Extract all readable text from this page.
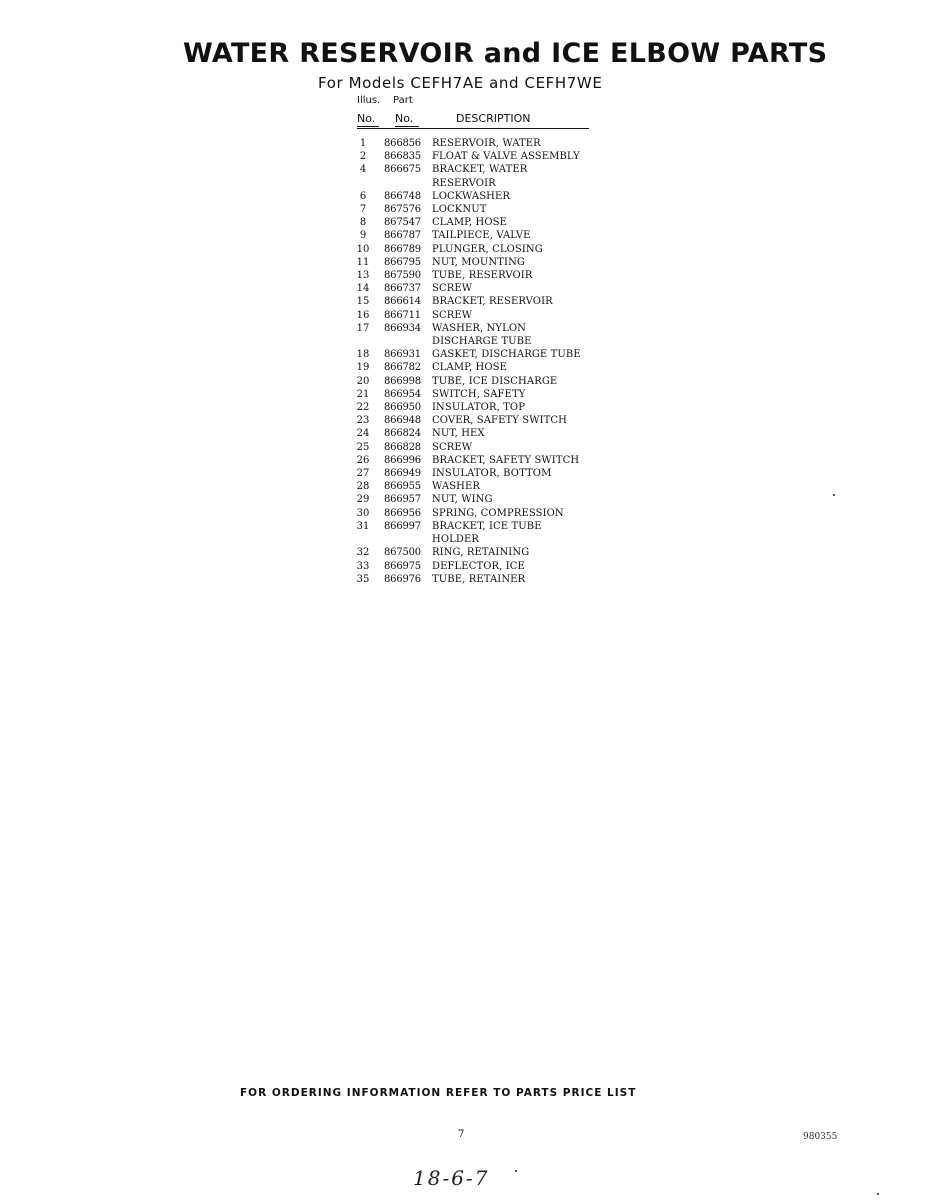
WATER RESERVOIR and ICE ELBOW PARTS
For Models CEFH7AE and CEFH7WE
Illus. Part
No. No.	DESCRIPTION
1	866856 RESERVOIR, WATER
2	866835 FLOAT & VALVE ASSEMBLY
4	866675 BRACKET, WATER
RESERVOIR
6	866748 LOCKWASHER
7	867576 LOCKNUT
8	867547 CLAMP, HOSE
9	866787 TAILPIECE, VALVE
10 866789 PLUNGER, CLOSING
11 866795 NUT, MOUNTING
13 867590 TUBE, RESERVOIR
14 866737 SCREW
15 866614 BRACKET, RESERVOIR
16 866711 SCREW
17 866934 WASHER, NYLON
DISCHARGE TUBE
18 866931 GASKET, DISCHARGE TUBE
19 866782 CLAMP, HOSE
20 866998 TUBE, ICE DISCHARGE
21 866954 SWITCH, SAFETY
22 866950 INSULATOR, TOP
23 866948 COVER, SAFETY SWITCH
24 866824 NUT, HEX
25 866828 SCREW
26 866996 BRACKET, SAFETY SWITCH
27 866949 INSULATOR, BOTTOM
28 866955 WASHER
29 866957 NUT, WING
30 866956 SPRING, COMPRESSION
31 866997 BRACKET, ICE TUBE
HOLDER
32 867500 RING, RETAINING
33 866975 DEFLECTOR, ICE
35 866976 TUBE, RETAINER
FOR ORDERING INFORMATION REFER TO PARTS PRICE LIST
7	980355
18-6-7
